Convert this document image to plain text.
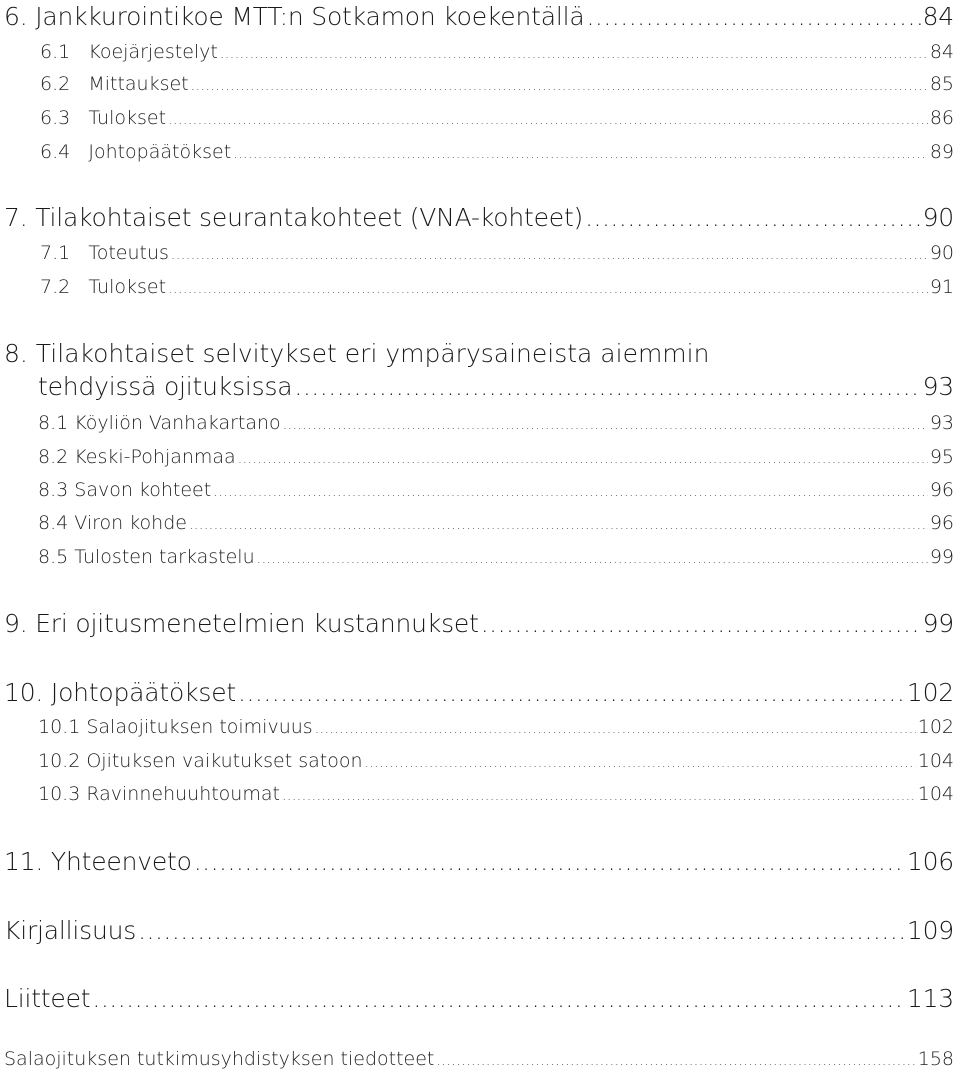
6. Jankkurointikoe MTT:n Sotkamon koekentällä .....	84
6.1   Koejärjestelyt .....	84
6.2   Mittaukset .....	85
6.3   Tulokset .....	86
6.4   Johtopäätökset .....	89
7. Tilakohtaiset seurantakohteet (VNA-kohteet) .....	90
7.1   Toteutus .....	90
7.2   Tulokset .....	91
8. Tilakohtaiset selvitykset eri ympärysaineista aiemmin
tehdyissä ojituksissa .....	93
8.1 Köyliön Vanhakartano .....	93
8.2 Keski-Pohjanmaa .....	95
8.3 Savon kohteet .....	96
8.4 Viron kohde .....	96
8.5 Tulosten tarkastelu .....	99
9. Eri ojitusmenetelmien kustannukset .....	99
10. Johtopäätökset .....	102
10.1 Salaojituksen toimivuus .....	102
10.2 Ojituksen vaikutukset satoon .....	104
10.3 Ravinnehuuhtoumat .....	104
11. Yhteenveto .....	106
Kirjallisuus .....	109
Liitteet .....	113
Salaojituksen tutkimusyhdistyksen tiedotteet .....	158
